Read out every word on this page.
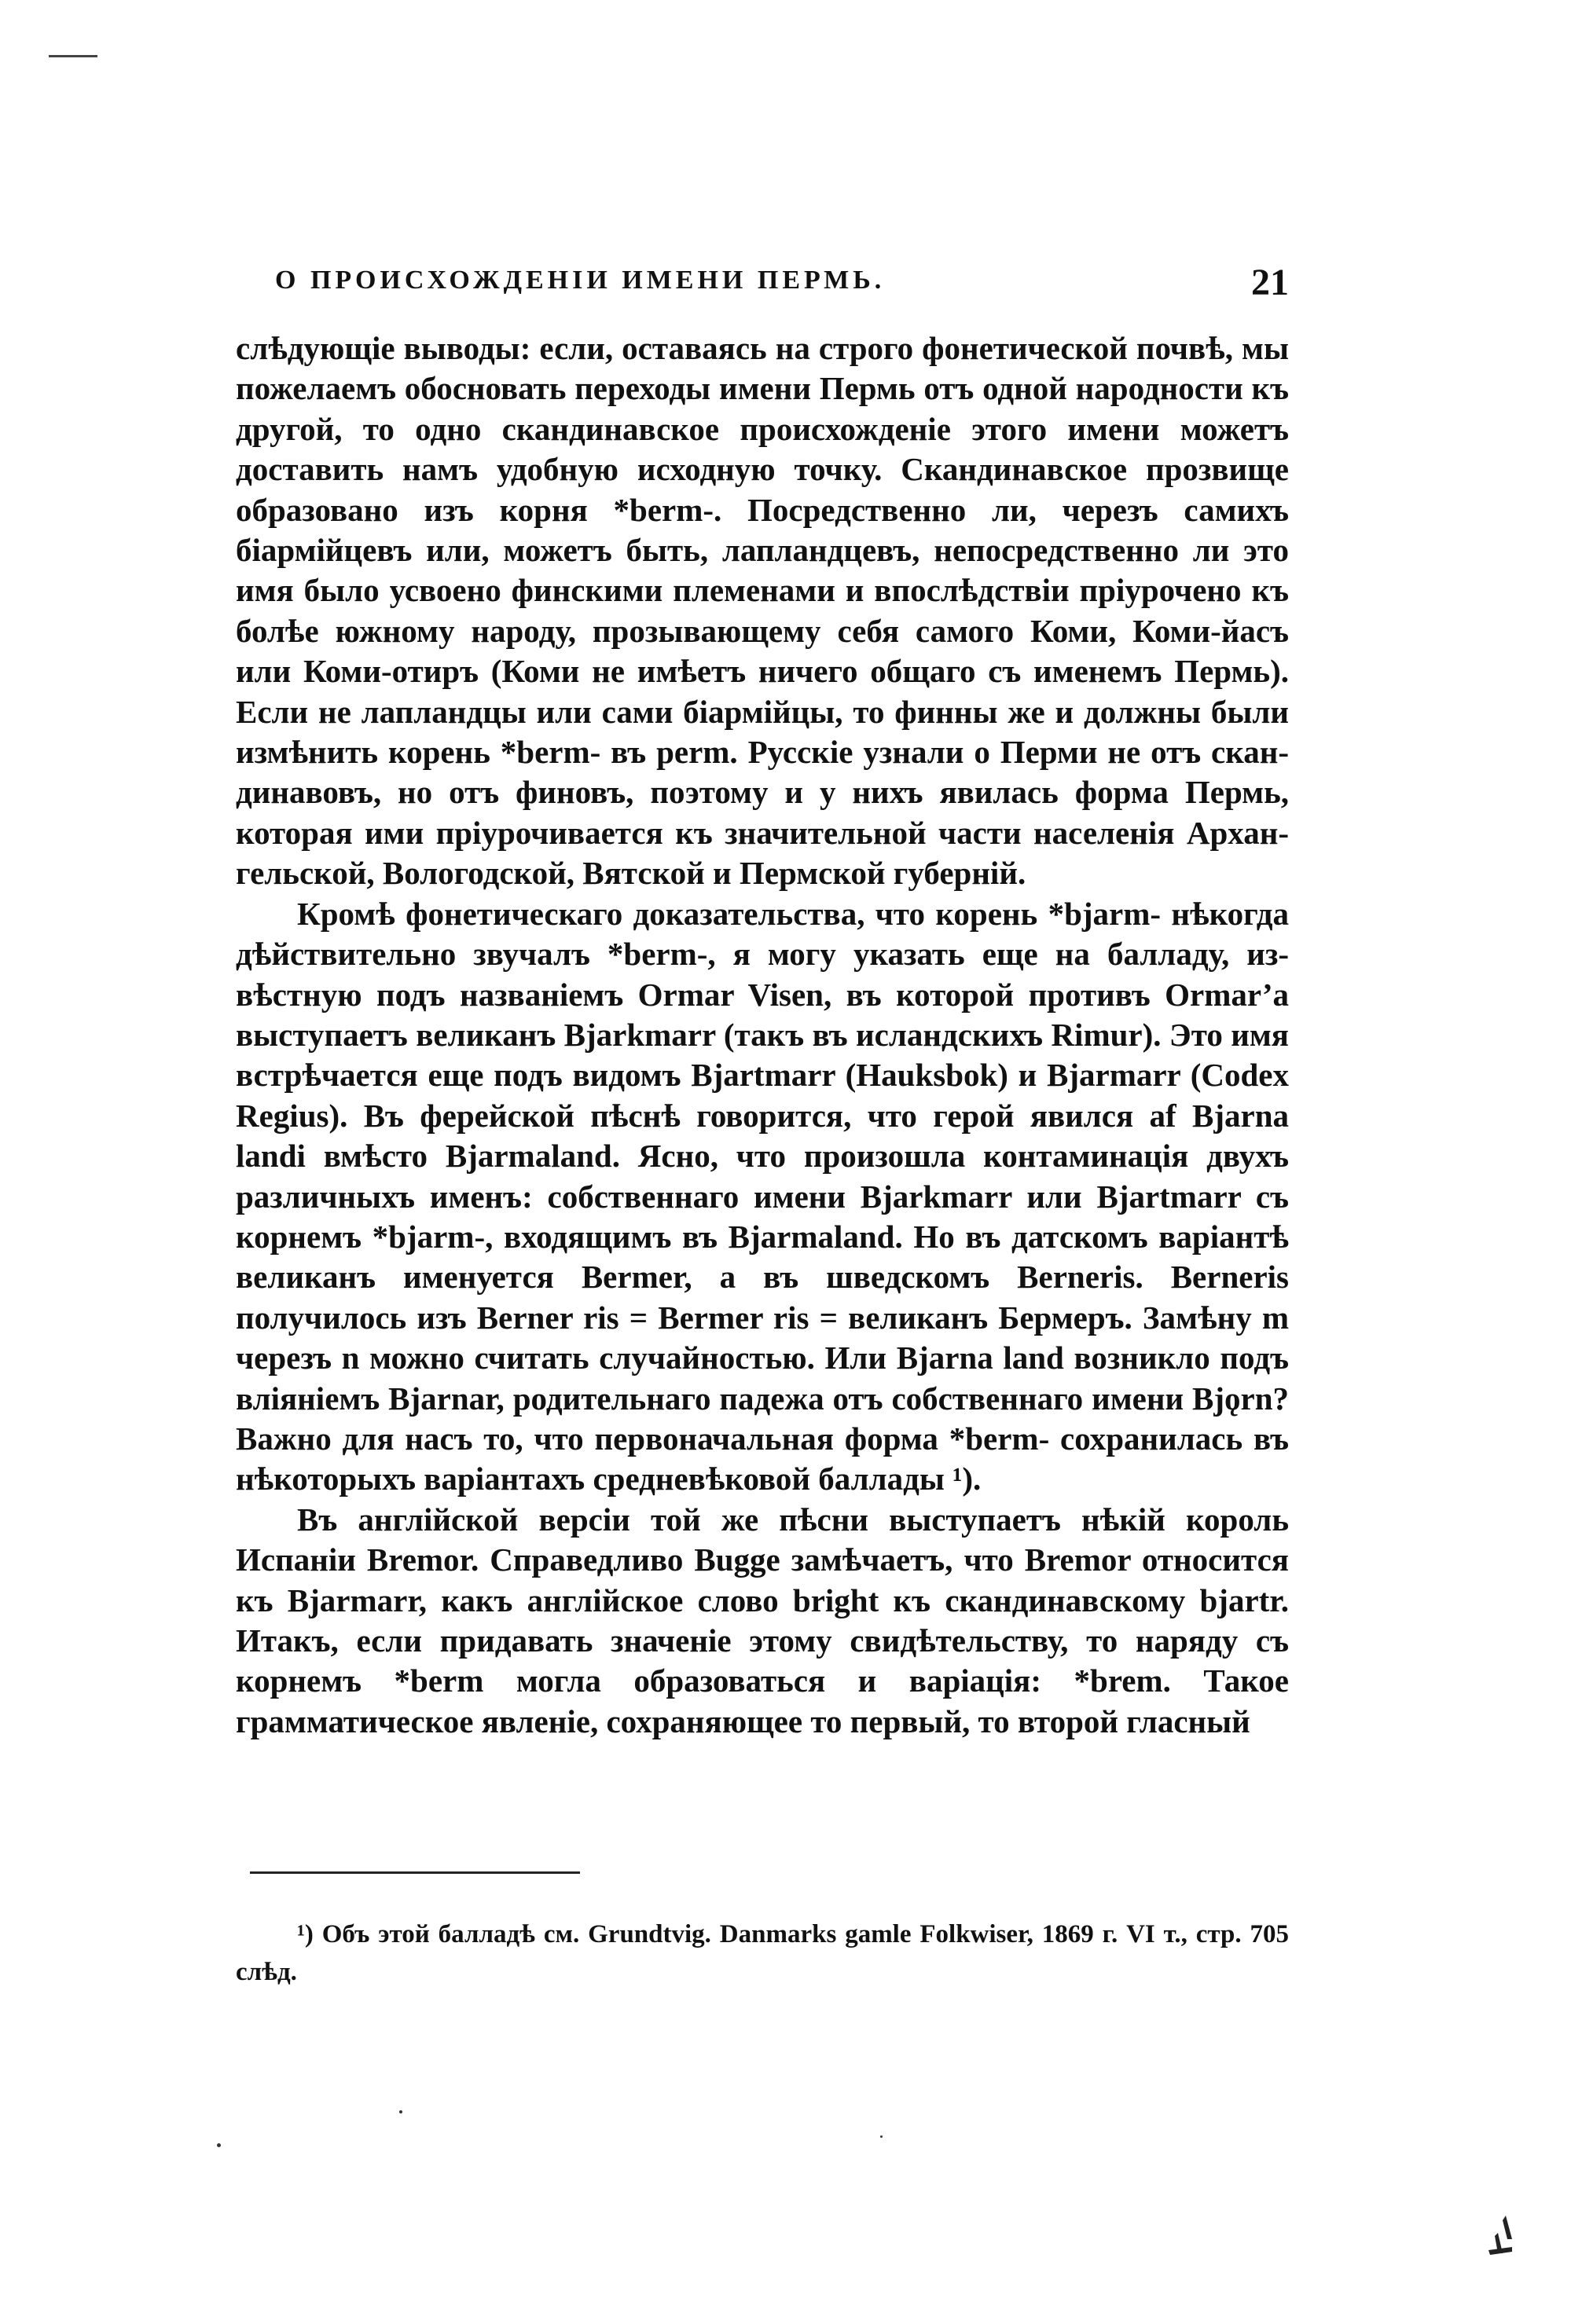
О ПРОИСХОЖДЕНІИ ИМЕНИ ПЕРМЬ.	21

слѣдующіе выводы: если, оставаясь на строго фонетической почвѣ, мы пожелаемъ обосновать переходы имени Пермь отъ одной народности къ другой, то одно скандинавское происхожденіе этого имени можетъ доставить намъ удобную исходную точку. Скандинавское прозвище образовано изъ корня *berm-. Посредственно ли, черезъ самихъ біармійцевъ или, можетъ быть, лапландцевъ, непосредственно ли это имя было усвоено финскими племенами и впослѣдствіи пріурочено къ болѣе южному народу, прозывающему себя самого Коми, Коми-йасъ или Коми-отиръ (Коми не имѣетъ ничего общаго съ именемъ Пермь). Если не лапландцы или сами біармійцы, то финны же и должны были измѣнить корень *berm- въ perm. Русскіе узнали о Перми не отъ скандинавовъ, но отъ финовъ, поэтому и у нихъ явилась форма Пермь, которая ими пріурочивается къ значительной части населенія Архангельской, Вологодской, Вятской и Пермской губерній.

Кромѣ фонетическаго доказательства, что корень *bjarm- нѣкогда дѣйствительно звучалъ *berm-, я могу указать еще на балладу, извѣстную подъ названіемъ Ormar Visen, въ которой противъ Ormar’а выступаетъ великанъ Bjarkmarr (такъ въ исландскихъ Rimur). Это имя встрѣчается еще подъ видомъ Bjartmarr (Hauksbok) и Bjarmarr (Codex Regius). Въ ферейской пѣснѣ говорится, что герой явился af Bjarna landi вмѣсто Bjarmaland. Ясно, что произошла контаминація двухъ различныхъ именъ: собственнаго имени Bjarkmarr или Bjartmarr съ корнемъ *bjarm-, входящимъ въ Bjarmaland. Но въ датскомъ варіантѣ великанъ именуется Bermer, а въ шведскомъ Berneris. Berneris получилось изъ Berner ris = Bermer ris = великанъ Бермеръ. Замѣну m черезъ n можно считать случайностью. Или Bjarna land возникло подъ вліяніемъ Bjarnar, родительнаго падежа отъ собственнаго имени Bjǫrn? Важно для насъ то, что первоначальная форма *berm- сохранилась въ нѣкоторыхъ варіантахъ средневѣковой баллады ¹).

Въ англійской версіи той же пѣсни выступаетъ нѣкій король Испаніи Bremor. Справедливо Bugge замѣчаетъ, что Bremor относится къ Bjarmarr, какъ англійское слово bright къ скандинавскому bjartr. Итакъ, если придавать значеніе этому свидѣтельству, то наряду съ корнемъ *berm могла образоваться и варіація: *brem. Такое грамматическое явленіе, сохраняющее то первый, то второй гласный

¹) Объ этой балладѣ см. Grundtvig. Danmarks gamle Folkwiser, 1869 г. VI т., стр. 705 слѣд.
